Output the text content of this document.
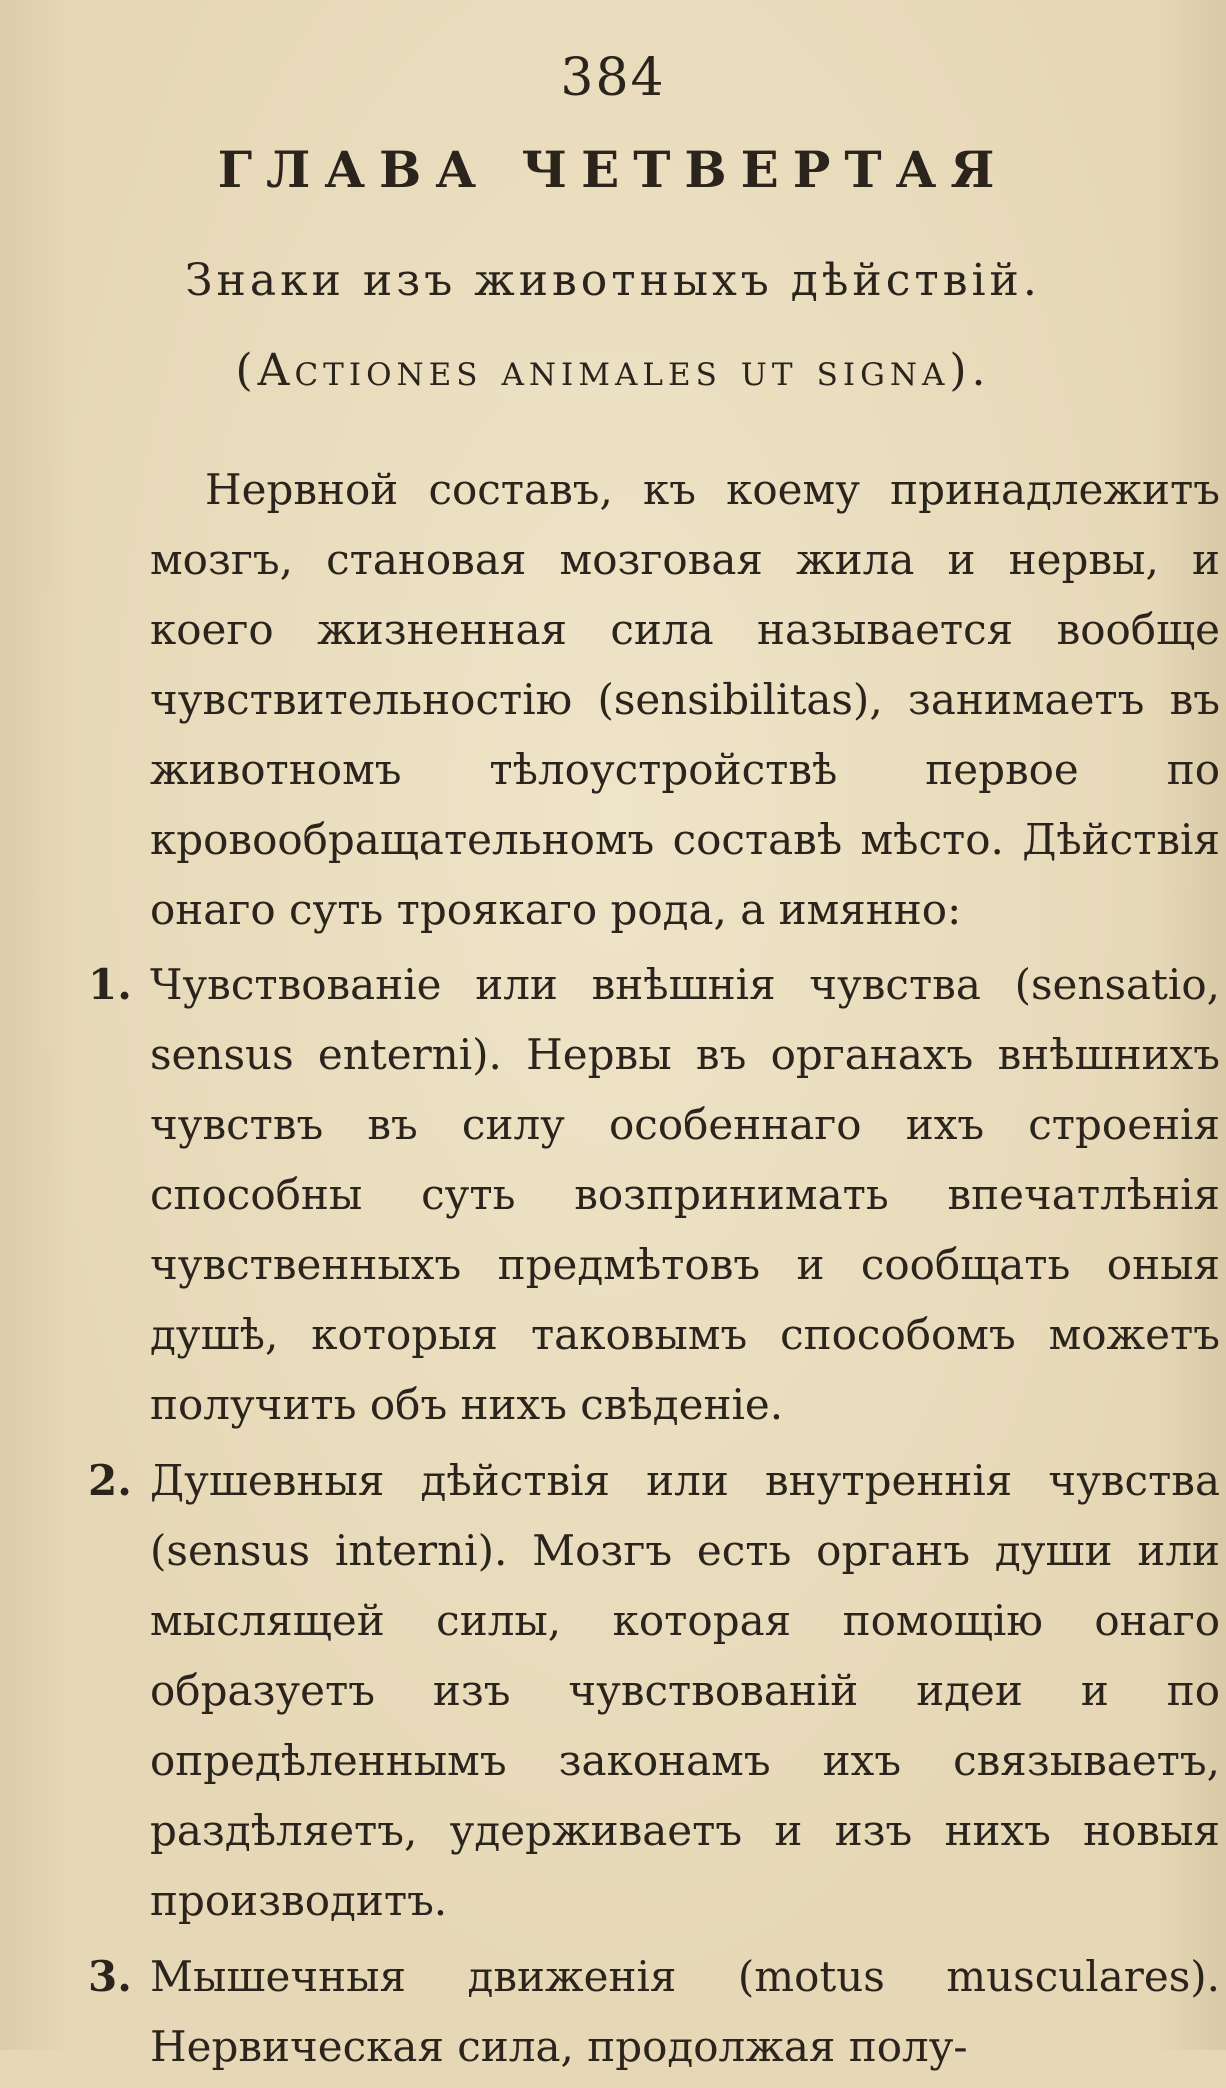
384
ГЛАВА ЧЕТВЕРТАЯ
Знаки изъ животныхъ дѣйствій.
(Actiones animales ut signa).

Нервной составъ, къ коему принадлежитъ мозгъ, становая мозговая жила и нервы, и коего жизненная сила называется вообще чувствительностію (sensibilitas), занимаетъ въ животномъ тѣлоустройствѣ первое по кровообращательномъ составѣ мѣсто. Дѣйствія онаго суть троякаго рода, а имянно:

1. Чувствованіе или внѣшнія чувства (sensatio, sensus enterni). Нервы въ органахъ внѣшнихъ чувствъ въ силу особеннаго ихъ строенія способны суть возпринимать впечатлѣнія чувственныхъ предмѣтовъ и сообщать оныя душѣ, которыя таковымъ способомъ можетъ получить объ нихъ свѣденіе.
2. Душевныя дѣйствія или внутреннія чувства (sensus interni). Мозгъ есть органъ души или мыслящей силы, которая помощію онаго образуетъ изъ чувствованій идеи и по опредѣленнымъ законамъ ихъ связываетъ, раздѣляетъ, удерживаетъ и изъ нихъ новыя производитъ.
3. Мышечныя движенія (motus musculares). Нервическая сила, продолжая полу-
